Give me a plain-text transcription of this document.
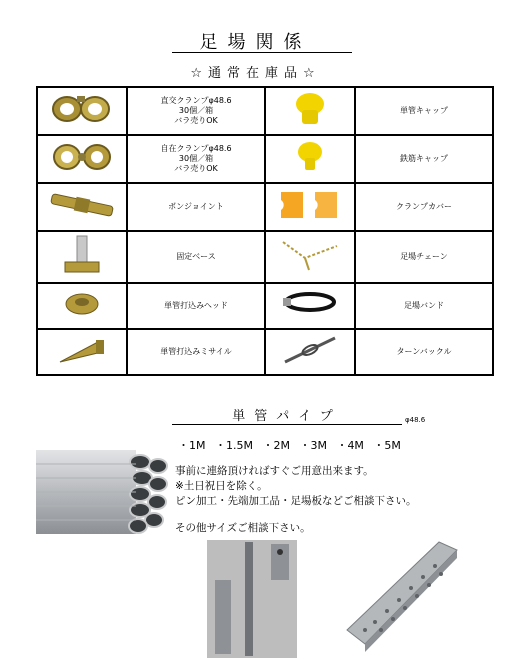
足場関係
☆通常在庫品☆

直交クランプφ48.6
30個／箱
バラ売りOK		単管キャップ

自在クランプφ48.6
30個／箱
バラ売りOK		鉄筋キャップ

ボンジョイント		クランプカバー

固定ベース		足場チェーン

単管打込みヘッド		足場バンド

単管打込みミサイル		ターンバックル
単管パイプ	φ48.6
・1M ・1.5M ・2M ・3M ・4M ・5M
事前に連絡頂ければすぐご用意出来ます。
※土日祝日を除く。
ピン加工・先端加工品・足場板などご相談下さい。
その他サイズご相談下さい。
